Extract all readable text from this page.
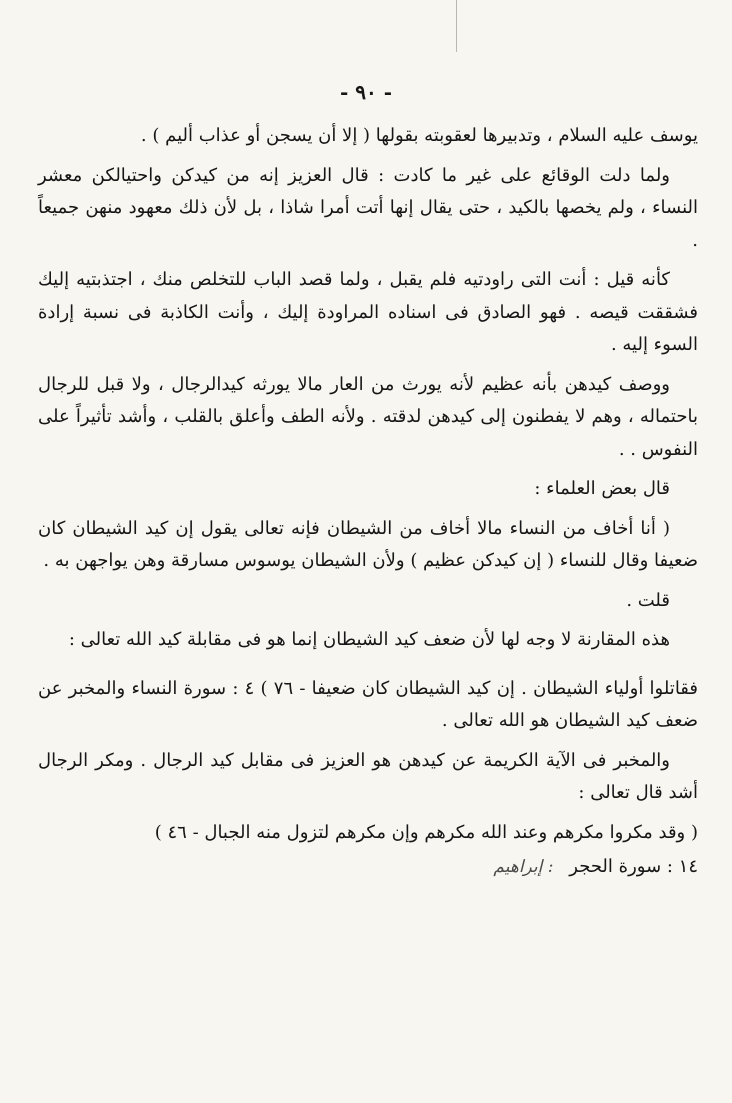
- ٩٠ -

يوسف عليه السلام ، وتدبيرها لعقوبته بقولها ( إلا أن يسجن أو عذاب أليم ) .

ولما دلت الوقائع على غير ما كادت : قال العزيز إنه من كيدكن واحتيالكن معشر النساء ، ولم يخصها بالكيد ، حتى يقال إنها أتت أمرا شاذا ، بل لأن ذلك معهود منهن جميعاً .

كأنه قيل : أنت التى راودتيه فلم يقبل ، ولما قصد الباب للتخلص منك ، اجتذبتيه إليك فشققت قيصه . فهو الصادق فى اسناده المراودة إليك ، وأنت الكاذبة فى نسبة إرادة السوء إليه .

ووصف كيدهن بأنه عظيم لأنه يورث من العار مالا يورثه كيدالرجال ، ولا قبل للرجال باحتماله ، وهم لا يفطنون إلى كيدهن لدقته . ولأنه الطف وأعلق بالقلب ، وأشد تأثيراً على النفوس . .

قال بعض العلماء :

( أنا أخاف من النساء مالا أخاف من الشيطان فإنه تعالى يقول إن كيد الشيطان كان ضعيفا وقال للنساء ( إن كيدكن عظيم ) ولأن الشيطان يوسوس مسارقة وهن يواجهن به .

قلت .

هذه المقارنة لا وجه لها لأن ضعف كيد الشيطان إنما هو فى مقابلة كيد الله تعالى :

فقاتلوا أولياء الشيطان . إن كيد الشيطان كان ضعيفا - ٧٦ ) ٤ : سورة النساء والمخبر عن ضعف كيد الشيطان هو الله تعالى .

والمخبر فى الآية الكريمة عن كيدهن هو العزيز فى مقابل كيد الرجال . ومكر الرجال أشد قال تعالى :

( وقد مكروا مكرهم وعند الله مكرهم وإن مكرهم لتزول منه الجبال - ٤٦ )

١٤ : سورة الحجر : إبراهيم
